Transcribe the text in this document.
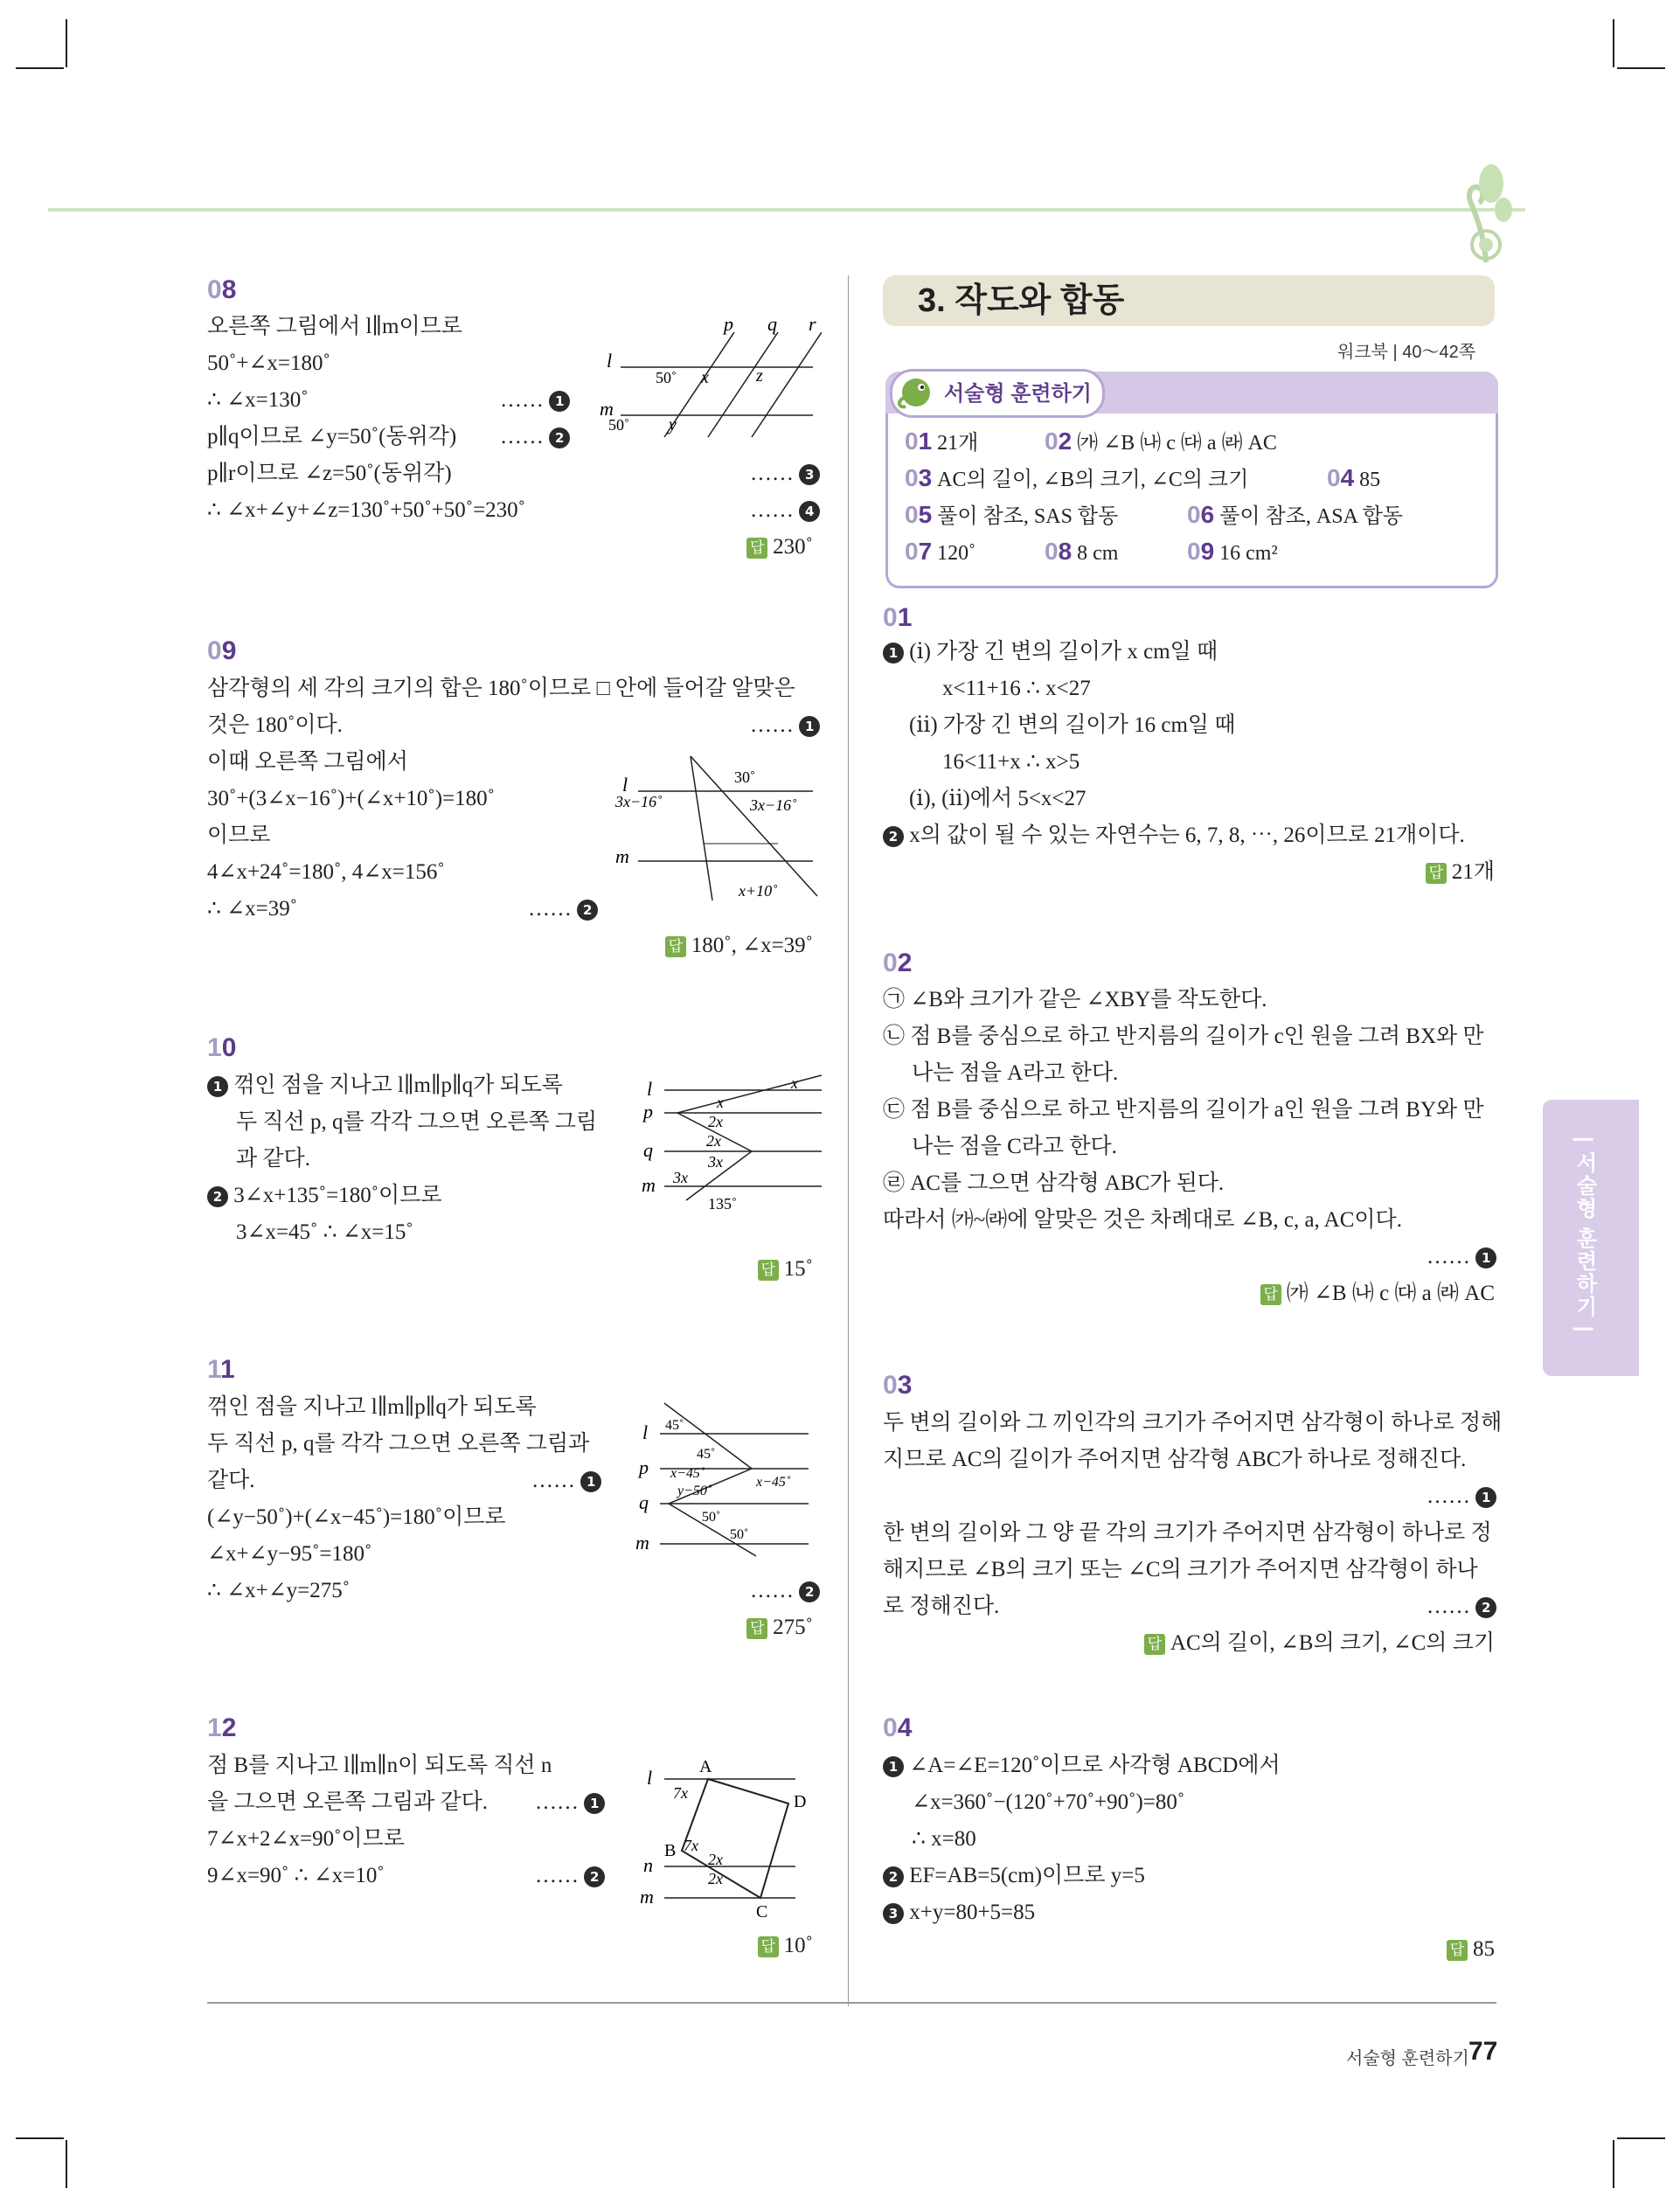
08
오른쪽 그림에서 l∥m이므로
50˚+∠x=180˚
∴ ∠x=130˚	…… 1
p∥q이므로 ∠y=50˚(동위각) …… 2
p∥r이므로 ∠z=50˚(동위각)	…… 3
∴ ∠x+∠y+∠z=130˚+50˚+50˚=230˚	…… 4
답 230˚
l
m
p q r
50˚
50˚
x
y
z
09
삼각형의 세 각의 크기의 합은 180˚이므로 □ 안에 들어갈 알맞은
것은 180˚이다.	…… 1
이때 오른쪽 그림에서
30˚+(3∠x−16˚)+(∠x+10˚)=180˚
이므로
4∠x+24˚=180˚, 4∠x=156˚
∴ ∠x=39˚	…… 2
답 180˚, ∠x=39˚
30˚
l
3x−16˚	3x−16˚
m
x+10˚
10
1 꺾인 점을 지나고 l∥m∥p∥q가 되도록
두 직선 p, q를 각각 그으면 오른쪽 그림
과 같다.
2 3∠x+135˚=180˚이므로
3∠x=45˚ ∴ ∠x=15˚
답 15˚
l
p
q
m
x
x
2x
2x
3x
3x
135˚
11
꺾인 점을 지나고 l∥m∥p∥q가 되도록
두 직선 p, q를 각각 그으면 오른쪽 그림과
같다.	…… 1
(∠y−50˚)+(∠x−45˚)=180˚이므로
∠x+∠y−95˚=180˚
∴ ∠x+∠y=275˚	…… 2
답 275˚
l
p
q
m
45˚
45˚
x−45˚
x−45˚
y−50˚
50˚
50˚
12
점 B를 지나고 l∥m∥n이 되도록 직선 n
을 그으면 오른쪽 그림과 같다. …… 1
7∠x+2∠x=90˚이므로
9∠x=90˚ ∴ ∠x=10˚	…… 2
답 10˚
l
n
m
A
B
C
D
7x
7x
2x
2x
3. 작도와 합동
워크북 | 40～42쪽
서술형 훈련하기
01 21개	02 ㈎ ∠B ㈏ c ㈐ a ㈑ AC
03 AC의 길이, ∠B의 크기, ∠C의 크기	04 85
05 풀이 참조, SAS 합동	06 풀이 참조, ASA 합동
07 120˚	08 8 cm	09 16 cm²
01
1 (ⅰ) 가장 긴 변의 길이가 x cm일 때
x<11+16 ∴ x<27
(ⅱ) 가장 긴 변의 길이가 16 cm일 때
16<11+x ∴ x>5
(ⅰ), (ⅱ)에서 5<x<27
2 x의 값이 될 수 있는 자연수는 6, 7, 8, ⋯, 26이므로 21개이다.
답 21개
02
㉠ ∠B와 크기가 같은 ∠XBY를 작도한다.
㉡ 점 B를 중심으로 하고 반지름의 길이가 c인 원을 그려 BX와 만
나는 점을 A라고 한다.
㉢ 점 B를 중심으로 하고 반지름의 길이가 a인 원을 그려 BY와 만
나는 점을 C라고 한다.
㉣ AC를 그으면 삼각형 ABC가 된다.
따라서 ㈎~㈑에 알맞은 것은 차례대로 ∠B, c, a, AC이다.
…… 1
답 ㈎ ∠B ㈏ c ㈐ a ㈑ AC
03
두 변의 길이와 그 끼인각의 크기가 주어지면 삼각형이 하나로 정해
지므로 AC의 길이가 주어지면 삼각형 ABC가 하나로 정해진다.
…… 1
한 변의 길이와 그 양 끝 각의 크기가 주어지면 삼각형이 하나로 정
해지므로 ∠B의 크기 또는 ∠C의 크기가 주어지면 삼각형이 하나
로 정해진다.	…… 2
답 AC의 길이, ∠B의 크기, ∠C의 크기
04
1 ∠A=∠E=120˚이므로 사각형 ABCD에서
∠x=360˚−(120˚+70˚+90˚)=80˚
∴ x=80
2 EF=AB=5(cm)이므로 y=5
3 x+y=80+5=85
답 85
| 서술형 훈련하기 |
서술형 훈련하기 77
